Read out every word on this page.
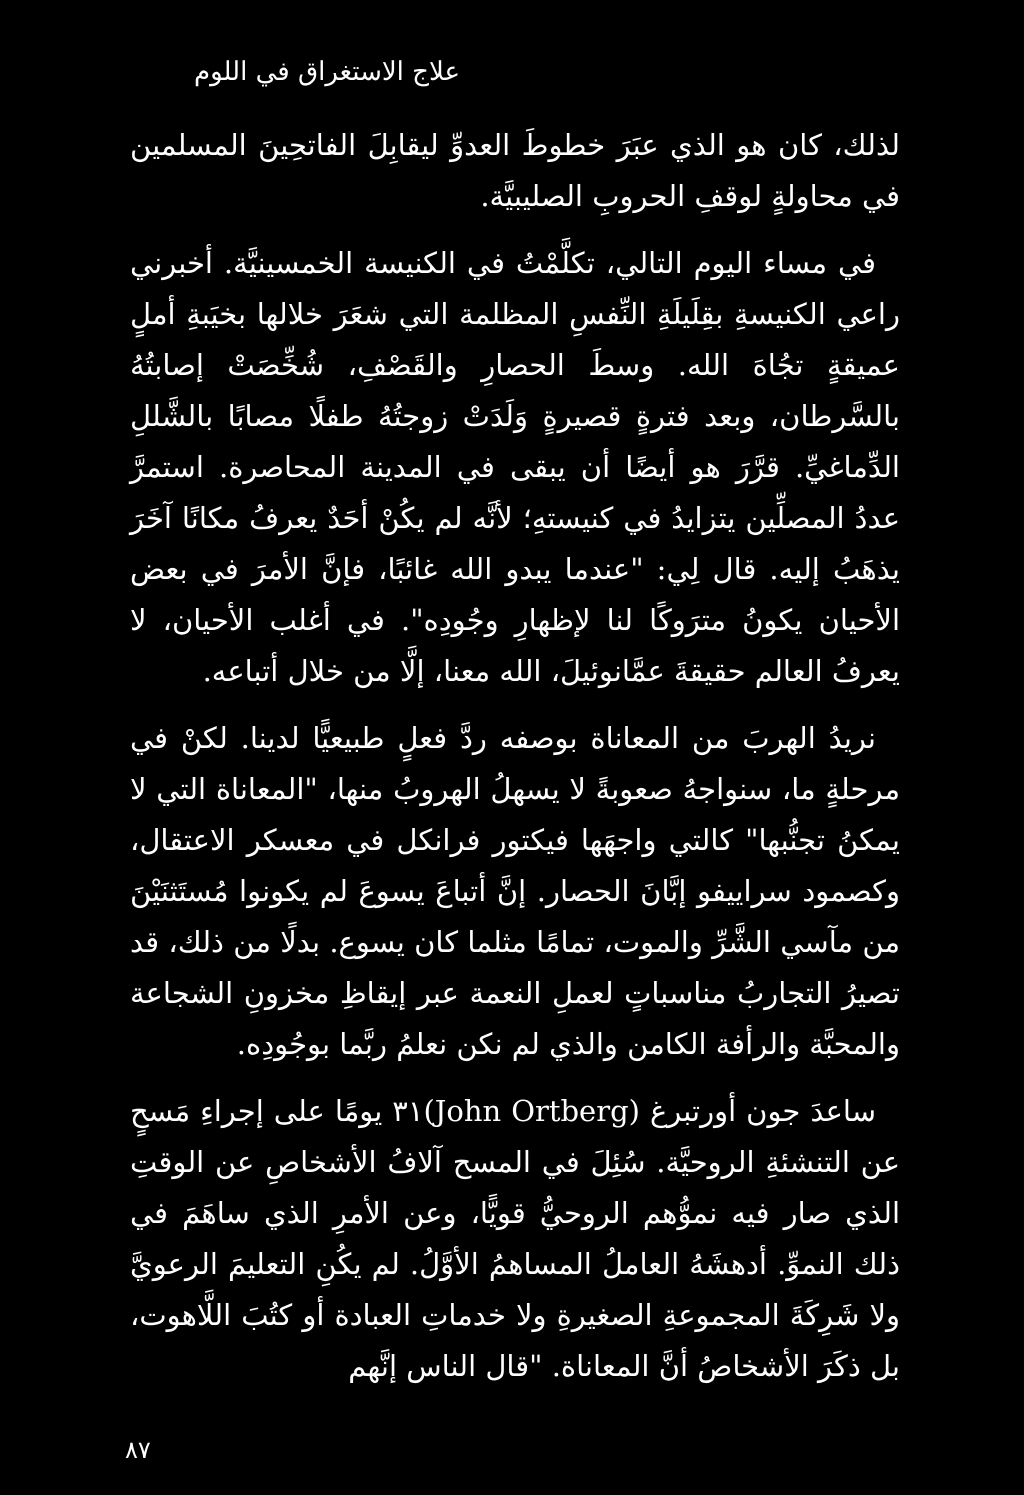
علاج الاستغراق في اللوم

لذلك، كان هو الذي عبَرَ خطوطَ العدوِّ ليقابِلَ الفاتحِينَ المسلمين في محاولةٍ لوقفِ الحروبِ الصليبيَّة.

في مساء اليوم التالي، تكلَّمْتُ في الكنيسة الخمسينيَّة. أخبرني راعي الكنيسةِ بقِلَيلَةِ النِّفسِ المظلمة التي شعَرَ خلالها بخيَبةِ أملٍ عميقةٍ تجُاهَ الله. وسطَ الحصارِ والقَصْفِ، شُخِّصَتْ إصابتُهُ بالسَّرطان، وبعد فترةٍ قصيرةٍ وَلَدَتْ زوجتُهُ طفلًا مصابًا بالشَّللِ الدِّماغيِّ. قرَّرَ هو أيضًا أن يبقى في المدينة المحاصرة. استمرَّ عددُ المصلِّين يتزايدُ في كنيستهِ؛ لأنَّه لم يكُنْ أحَدٌ يعرفُ مكانًا آخَرَ يذهَبُ إليه. قال لِي: "عندما يبدو الله غائبًا، فإنَّ الأمرَ في بعض الأحيان يكونُ مترَوكًا لنا لإظهارِ وجُودِه". في أغلب الأحيان، لا يعرفُ العالم حقيقةَ عمَّانوئيلَ، الله معنا، إلَّا من خلال أتباعه.

نريدُ الهربَ من المعاناة بوصفه ردَّ فعلٍ طبيعيًّا لدينا. لكنْ في مرحلةٍ ما، سنواجهُ صعوبةً لا يسهلُ الهروبُ منها، "المعاناة التي لا يمكنُ تجنُّبها" كالتي واجهَها فيكتور فرانكل في معسكر الاعتقال، وكصمود سراييفو إبَّانَ الحصار. إنَّ أتباعَ يسوعَ لم يكونوا مُستَثنَيْنَ من مآسي الشَّرِّ والموت، تمامًا مثلما كان يسوع. بدلًا من ذلك، قد تصيرُ التجاربُ مناسباتٍ لعملِ النعمة عبر إيقاظِ مخزونِ الشجاعة والمحبَّة والرأفة الكامن والذي لم نكن نعلمُ ربَّما بوجُودِه.

ساعدَ جون أورتبرغ (John Ortberg)٣١ يومًا على إجراءِ مَسحٍ عن التنشئةِ الروحيَّة. سُئِلَ في المسح آلافُ الأشخاصِ عن الوقتِ الذي صار فيه نموُّهم الروحيُّ قويًّا، وعن الأمرِ الذي ساهَمَ في ذلك النموِّ. أدهشَهُ العاملُ المساهمُ الأوَّلُ. لم يكُنِ التعليمَ الرعويَّ ولا شَرِكَةَ المجموعةِ الصغيرةِ ولا خدماتِ العبادة أو كتُبَ اللَّاهوت، بل ذكَرَ الأشخاصُ أنَّ المعاناة. "قال الناس إنَّهم

٨٧
